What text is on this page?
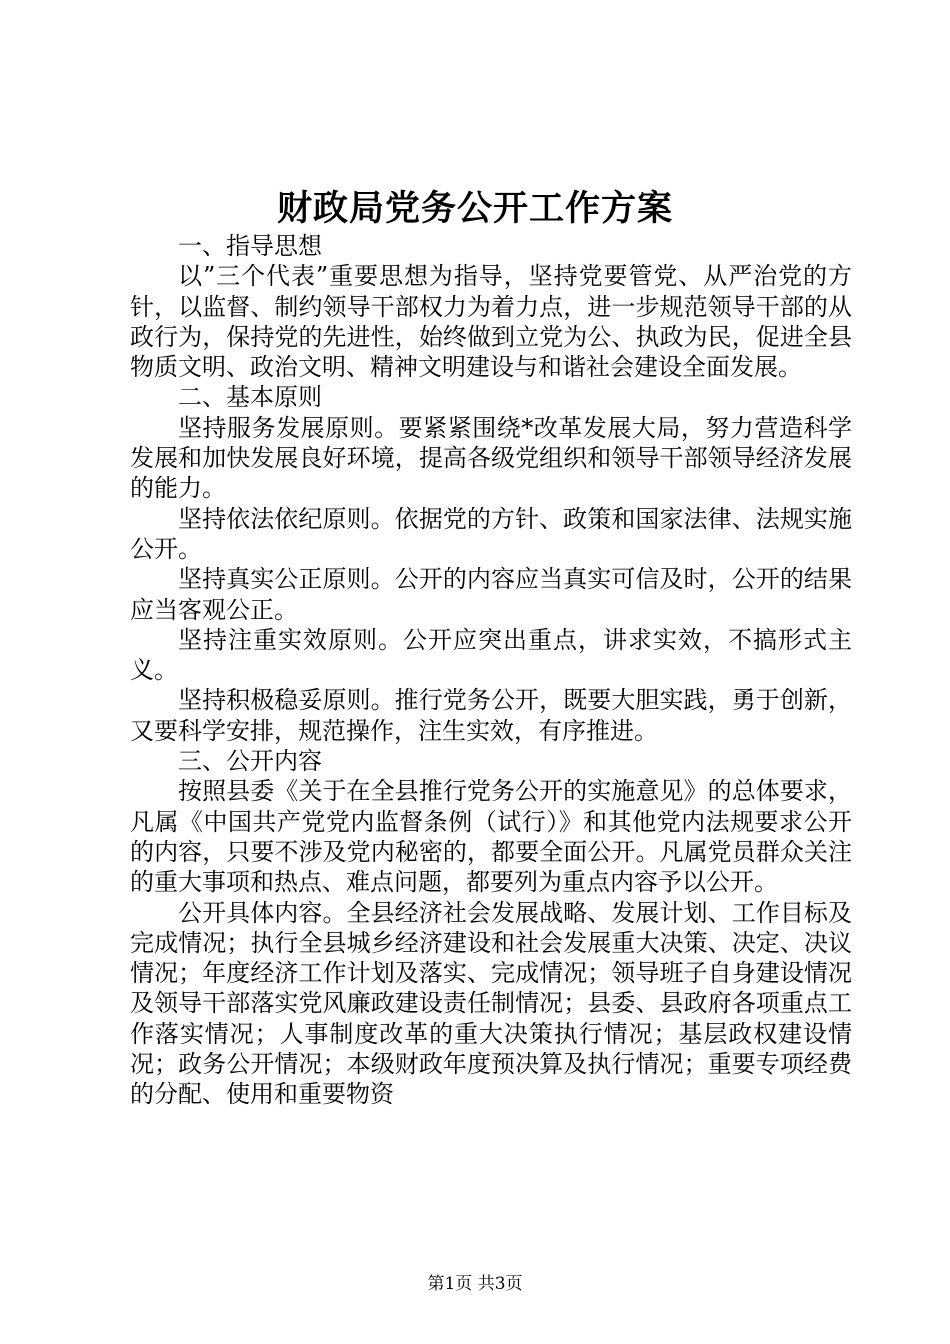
财政局党务公开工作方案

一、指导思想

以”三个代表”重要思想为指导，坚持党要管党、从严治党的方针，以监督、制约领导干部权力为着力点，进一步规范领导干部的从政行为，保持党的先进性，始终做到立党为公、执政为民，促进全县物质文明、政治文明、精神文明建设与和谐社会建设全面发展。

二、基本原则

坚持服务发展原则。要紧紧围绕*改革发展大局，努力营造科学发展和加快发展良好环境，提高各级党组织和领导干部领导经济发展的能力。

坚持依法依纪原则。依据党的方针、政策和国家法律、法规实施公开。

坚持真实公正原则。公开的内容应当真实可信及时，公开的结果应当客观公正。

坚持注重实效原则。公开应突出重点，讲求实效，不搞形式主义。

坚持积极稳妥原则。推行党务公开，既要大胆实践，勇于创新，又要科学安排，规范操作，注生实效，有序推进。

三、公开内容

按照县委《关于在全县推行党务公开的实施意见》的总体要求，凡属《中国共产党党内监督条例（试行）》和其他党内法规要求公开的内容，只要不涉及党内秘密的，都要全面公开。凡属党员群众关注的重大事项和热点、难点问题，都要列为重点内容予以公开。

公开具体内容。全县经济社会发展战略、发展计划、工作目标及完成情况；执行全县城乡经济建设和社会发展重大决策、决定、决议情况；年度经济工作计划及落实、完成情况；领导班子自身建设情况及领导干部落实党风廉政建设责任制情况；县委、县政府各项重点工作落实情况；人事制度改革的重大决策执行情况；基层政权建设情况；政务公开情况；本级财政年度预决算及执行情况；重要专项经费的分配、使用和重要物资

第1页 共3页
